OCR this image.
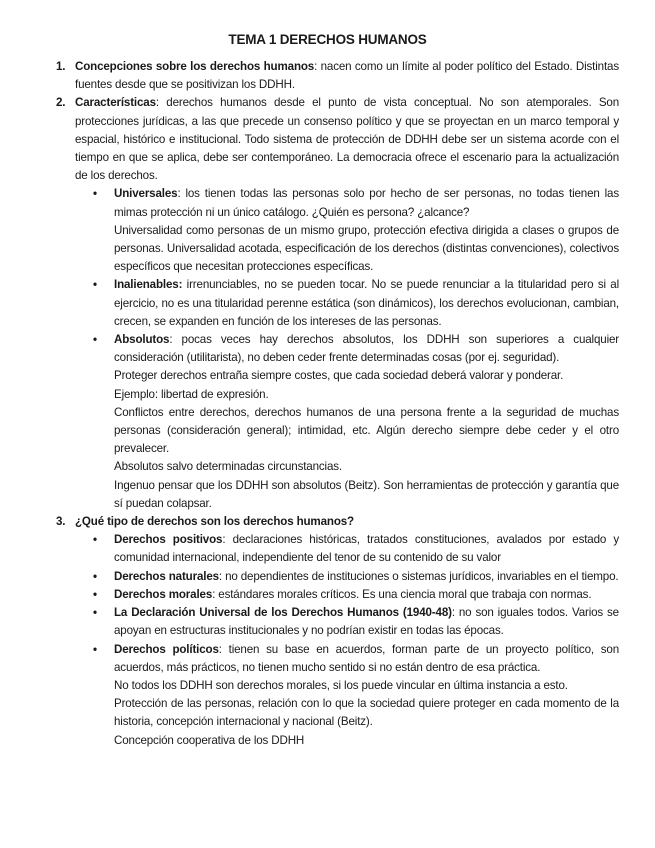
TEMA 1 DERECHOS HUMANOS
1. Concepciones sobre los derechos humanos: nacen como un límite al poder político del Estado. Distintas fuentes desde que se positivizan los DDHH.
2. Características: derechos humanos desde el punto de vista conceptual. No son atemporales. Son protecciones jurídicas, a las que precede un consenso político y que se proyectan en un marco temporal y espacial, histórico e institucional. Todo sistema de protección de DDHH debe ser un sistema acorde con el tiempo en que se aplica, debe ser contemporáneo. La democracia ofrece el escenario para la actualización de los derechos.
• Universales: los tienen todas las personas solo por hecho de ser personas, no todas tienen las mimas protección ni un único catálogo. ¿Quién es persona? ¿alcance?
Universalidad como personas de un mismo grupo, protección efectiva dirigida a clases o grupos de personas. Universalidad acotada, especificación de los derechos (distintas convenciones), colectivos específicos que necesitan protecciones específicas.
• Inalienables: irrenunciables, no se pueden tocar. No se puede renunciar a la titularidad pero si al ejercicio, no es una titularidad perenne estática (son dinámicos), los derechos evolucionan, cambian, crecen, se expanden en función de los intereses de las personas.
• Absolutos: pocas veces hay derechos absolutos, los DDHH son superiores a cualquier consideración (utilitarista), no deben ceder frente determinadas cosas (por ej. seguridad).
Proteger derechos entraña siempre costes, que cada sociedad deberá valorar y ponderar.
Ejemplo: libertad de expresión.
Conflictos entre derechos, derechos humanos de una persona frente a la seguridad de muchas personas (consideración general); intimidad, etc. Algún derecho siempre debe ceder y el otro prevalecer.
Absolutos salvo determinadas circunstancias.
Ingenuo pensar que los DDHH son absolutos (Beitz). Son herramientas de protección y garantía que sí puedan colapsar.
3. ¿Qué tipo de derechos son los derechos humanos?
• Derechos positivos: declaraciones históricas, tratados constituciones, avalados por estado y comunidad internacional, independiente del tenor de su contenido de su valor
• Derechos naturales: no dependientes de instituciones o sistemas jurídicos, invariables en el tiempo.
• Derechos morales: estándares morales críticos. Es una ciencia moral que trabaja con normas.
• La Declaración Universal de los Derechos Humanos (1940-48): no son iguales todos. Varios se apoyan en estructuras institucionales y no podrían existir en todas las épocas.
• Derechos políticos: tienen su base en acuerdos, forman parte de un proyecto político, son acuerdos, más prácticos, no tienen mucho sentido si no están dentro de esa práctica.
No todos los DDHH son derechos morales, si los puede vincular en última instancia a esto.
Protección de las personas, relación con lo que la sociedad quiere proteger en cada momento de la historia, concepción internacional y nacional (Beitz).
Concepción cooperativa de los DDHH
